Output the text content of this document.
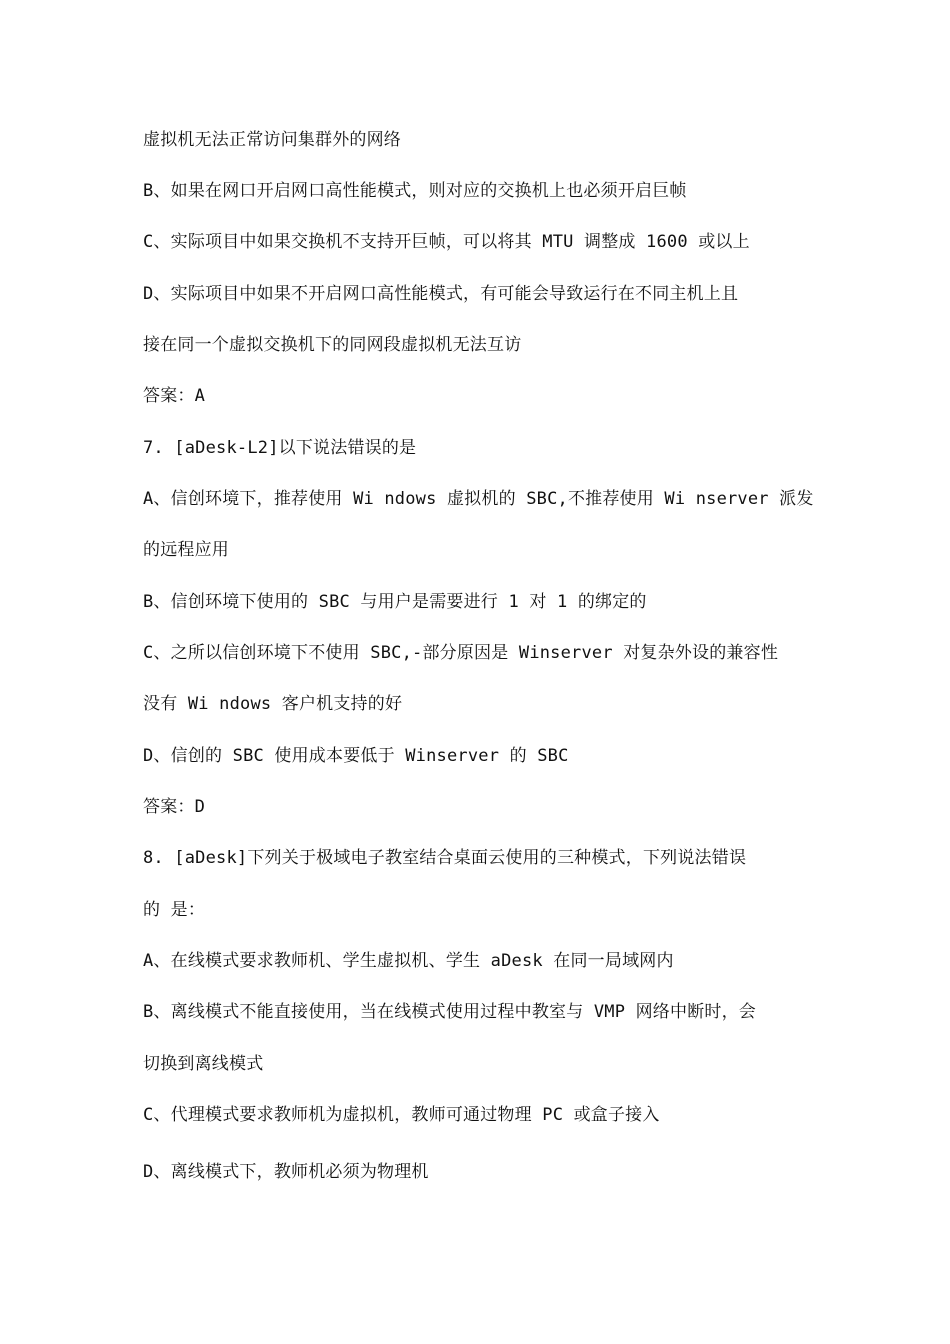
虚拟机无法正常访问集群外的网络
B、如果在网口开启网口高性能模式，则对应的交换机上也必须开启巨帧
C、实际项目中如果交换机不支持开巨帧，可以将其 MTU 调整成 1600 或以上
D、实际项目中如果不开启网口高性能模式，有可能会导致运行在不同主机上且
接在同一个虚拟交换机下的同网段虚拟机无法互访
答案：A
7. [aDesk-L2]以下说法错误的是
A、信创环境下，推荐使用 Wi ndows 虚拟机的 SBC,不推荐使用 Wi nserver 派发
的远程应用
B、信创环境下使用的 SBC 与用户是需要进行 1 对 1 的绑定的
C、之所以信创环境下不使用 SBC,-部分原因是 Winserver 对复杂外设的兼容性
没有 Wi ndows 客户机支持的好
D、信创的 SBC 使用成本要低于 Winserver 的 SBC
答案：D
8. [aDesk]下列关于极域电子教室结合桌面云使用的三种模式，下列说法错误
的 是：
A、在线模式要求教师机、学生虚拟机、学生 aDesk 在同一局域网内
B、离线模式不能直接使用，当在线模式使用过程中教室与 VMP 网络中断时，会
切换到离线模式
C、代理模式要求教师机为虚拟机，教师可通过物理 PC 或盒子接入
D、离线模式下，教师机必须为物理机
